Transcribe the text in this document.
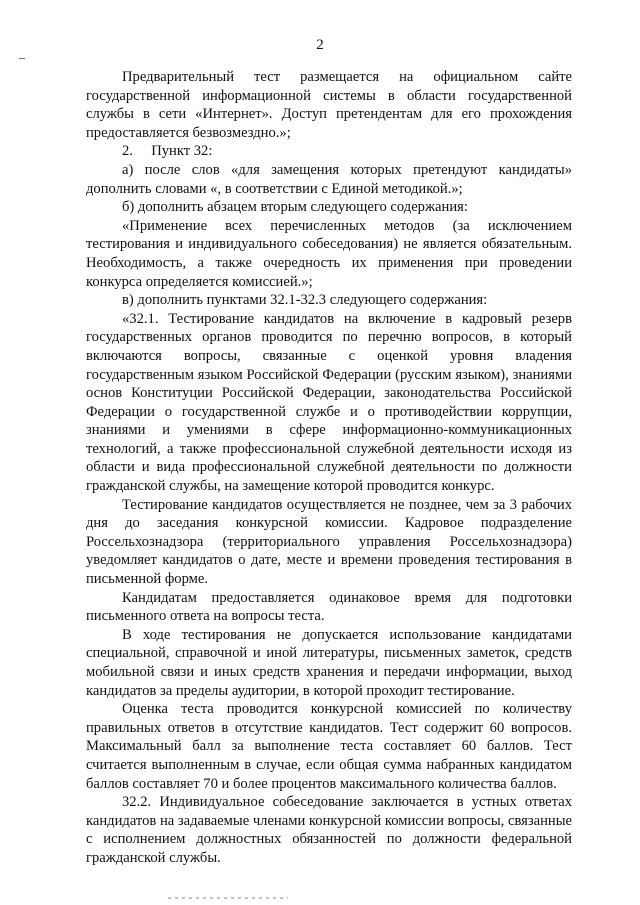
2

Предварительный тест размещается на официальном сайте государственной информационной системы в области государственной службы в сети «Интернет». Доступ претендентам для его прохождения предоставляется безвозмездно.»;

2.     Пункт 32:

а) после слов «для замещения которых претендуют кандидаты» дополнить словами «, в соответствии с Единой методикой.»;

б) дополнить абзацем вторым следующего содержания:

«Применение всех перечисленных методов (за исключением тестирования и индивидуального собеседования) не является обязательным. Необходимость, а также очередность их применения при проведении конкурса определяется комиссией.»;

в) дополнить пунктами 32.1-32.3 следующего содержания:

«32.1. Тестирование кандидатов на включение в кадровый резерв государственных органов проводится по перечню вопросов, в который включаются вопросы, связанные с оценкой уровня владения государственным языком Российской Федерации (русским языком), знаниями основ Конституции Российской Федерации, законодательства Российской Федерации о государственной службе и о противодействии коррупции, знаниями и умениями в сфере информационно-коммуникационных технологий, а также профессиональной служебной деятельности исходя из области и вида профессиональной служебной деятельности по должности гражданской службы, на замещение которой проводится конкурс.

Тестирование кандидатов осуществляется не позднее, чем за 3 рабочих дня до заседания конкурсной комиссии. Кадровое подразделение Россельхознадзора (территориального управления Россельхознадзора) уведомляет кандидатов о дате, месте и времени проведения тестирования в письменной форме.

Кандидатам предоставляется одинаковое время для подготовки письменного ответа на вопросы теста.

В ходе тестирования не допускается использование кандидатами специальной, справочной и иной литературы, письменных заметок, средств мобильной связи и иных средств хранения и передачи информации, выход кандидатов за пределы аудитории, в которой проходит тестирование.

Оценка теста проводится конкурсной комиссией по количеству правильных ответов в отсутствие кандидатов. Тест содержит 60 вопросов. Максимальный балл за выполнение теста составляет 60 баллов. Тест считается выполненным в случае, если общая сумма набранных кандидатом баллов составляет 70 и более процентов максимального количества баллов.

32.2. Индивидуальное собеседование заключается в устных ответах кандидатов на задаваемые членами конкурсной комиссии вопросы, связанные с исполнением должностных обязанностей по должности федеральной гражданской службы.
